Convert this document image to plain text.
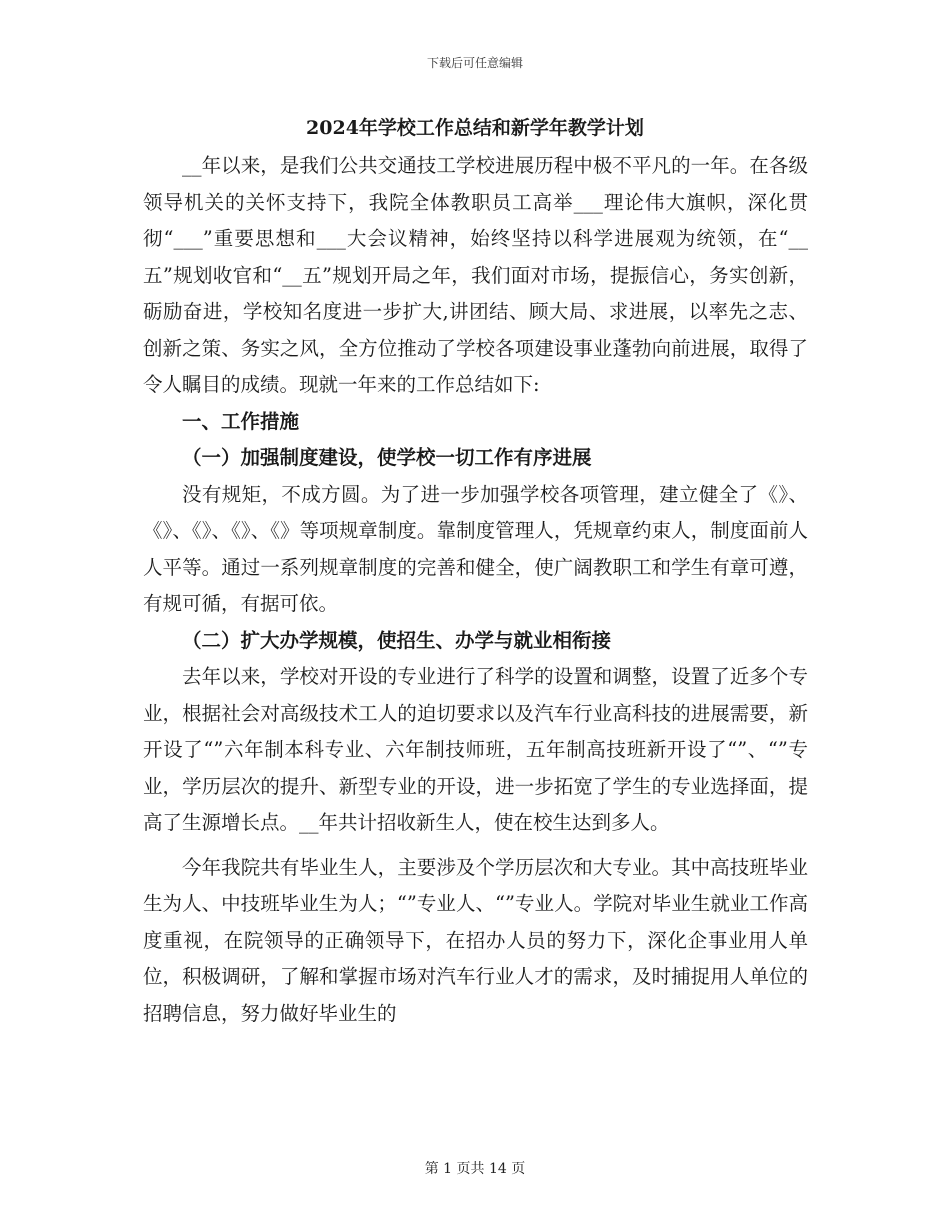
下载后可任意编辑
2024年学校工作总结和新学年教学计划

__年以来，是我们公共交通技工学校进展历程中极不平凡的一年。在各级领导机关的关怀支持下，我院全体教职员工高举___理论伟大旗帜，深化贯彻“___”重要思想和___大会议精神，始终坚持以科学进展观为统领，在“__五”规划收官和“__五”规划开局之年，我们面对市场，提振信心，务实创新，砺励奋进，学校知名度进一步扩大,讲团结、顾大局、求进展，以率先之志、创新之策、务实之风，全方位推动了学校各项建设事业蓬勃向前进展，取得了令人瞩目的成绩。现就一年来的工作总结如下:

一、工作措施
（一）加强制度建设，使学校一切工作有序进展

没有规矩，不成方圆。为了进一步加强学校各项管理，建立健全了《》、《》、《》、《》、《》等项规章制度。靠制度管理人，凭规章约束人，制度面前人人平等。通过一系列规章制度的完善和健全，使广阔教职工和学生有章可遵，有规可循，有据可依。

（二）扩大办学规模，使招生、办学与就业相衔接

去年以来，学校对开设的专业进行了科学的设置和调整，设置了近多个专业，根据社会对高级技术工人的迫切要求以及汽车行业高科技的进展需要，新开设了“”六年制本科专业、六年制技师班，五年制高技班新开设了“”、“”专业，学历层次的提升、新型专业的开设，进一步拓宽了学生的专业选择面，提高了生源增长点。__年共计招收新生人，使在校生达到多人。

今年我院共有毕业生人，主要涉及个学历层次和大专业。其中高技班毕业生为人、中技班毕业生为人；“”专业人、“”专业人。学院对毕业生就业工作高度重视，在院领导的正确领导下，在招办人员的努力下，深化企事业用人单位，积极调研，了解和掌握市场对汽车行业人才的需求，及时捕捉用人单位的招聘信息，努力做好毕业生的

第 1 页共 14 页
